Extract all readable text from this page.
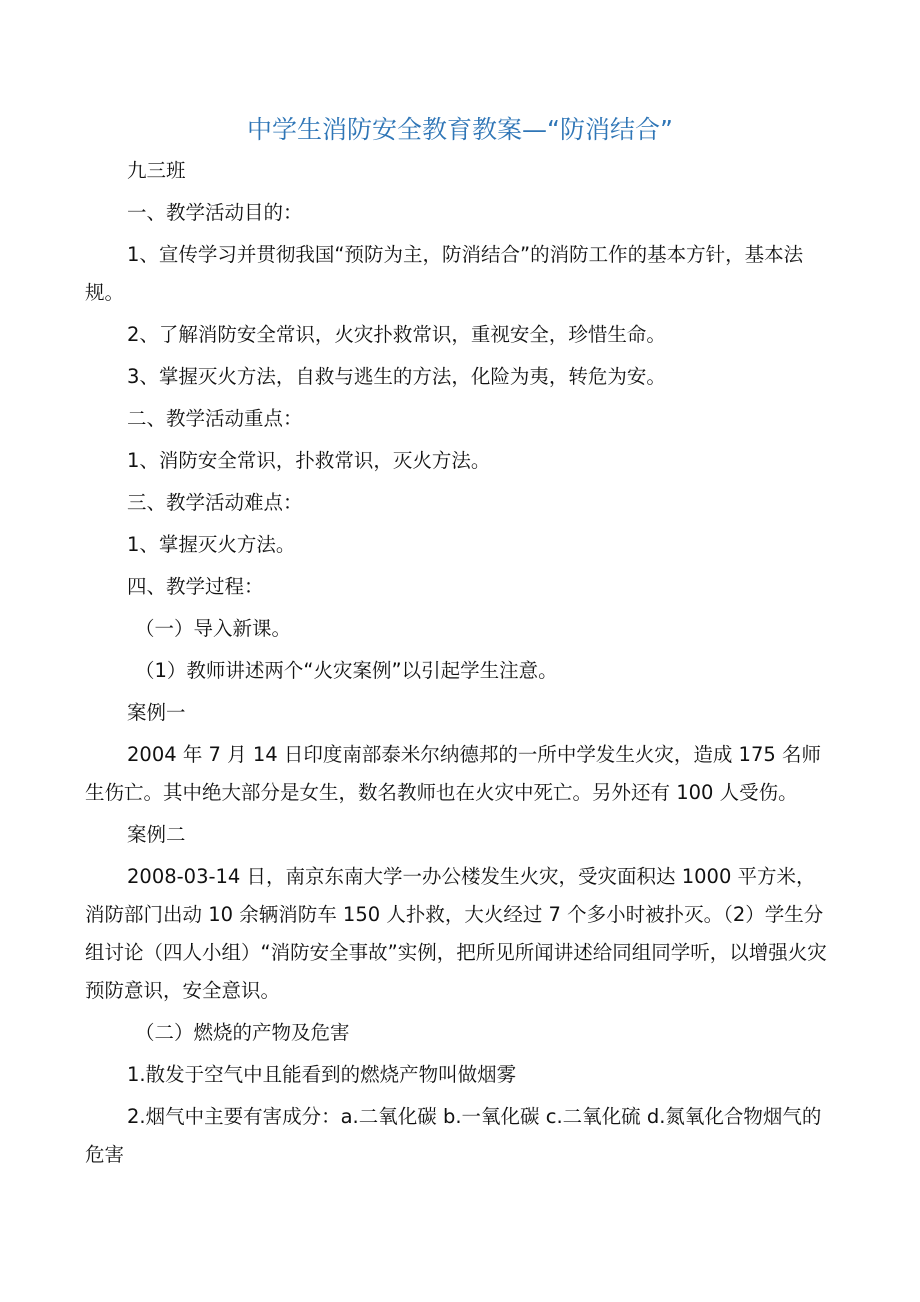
中学生消防安全教育教案—“防消结合”

九三班

一、教学活动目的：

1、宣传学习并贯彻我国“预防为主，防消结合”的消防工作的基本方针，基本法规。

2、了解消防安全常识，火灾扑救常识，重视安全，珍惜生命。

3、掌握灭火方法，自救与逃生的方法，化险为夷，转危为安。

二、教学活动重点：

1、消防安全常识，扑救常识，灭火方法。

三、教学活动难点：

1、掌握灭火方法。

四、教学过程：

（一）导入新课。

（1）教师讲述两个“火灾案例”以引起学生注意。

案例一

2004 年 7 月 14 日印度南部泰米尔纳德邦的一所中学发生火灾，造成 175 名师生伤亡。其中绝大部分是女生，数名教师也在火灾中死亡。另外还有 100 人受伤。

案例二

2008-03-14 日，南京东南大学一办公楼发生火灾，受灾面积达 1000 平方米，消防部门出动 10 余辆消防车 150 人扑救，大火经过 7 个多小时被扑灭。（2）学生分组讨论（四人小组）“消防安全事故”实例，把所见所闻讲述给同组同学听，以增强火灾预防意识，安全意识。

（二）燃烧的产物及危害

1.散发于空气中且能看到的燃烧产物叫做烟雾

2.烟气中主要有害成分：a.二氧化碳 b.一氧化碳 c.二氧化硫 d.氮氧化合物烟气的危害
